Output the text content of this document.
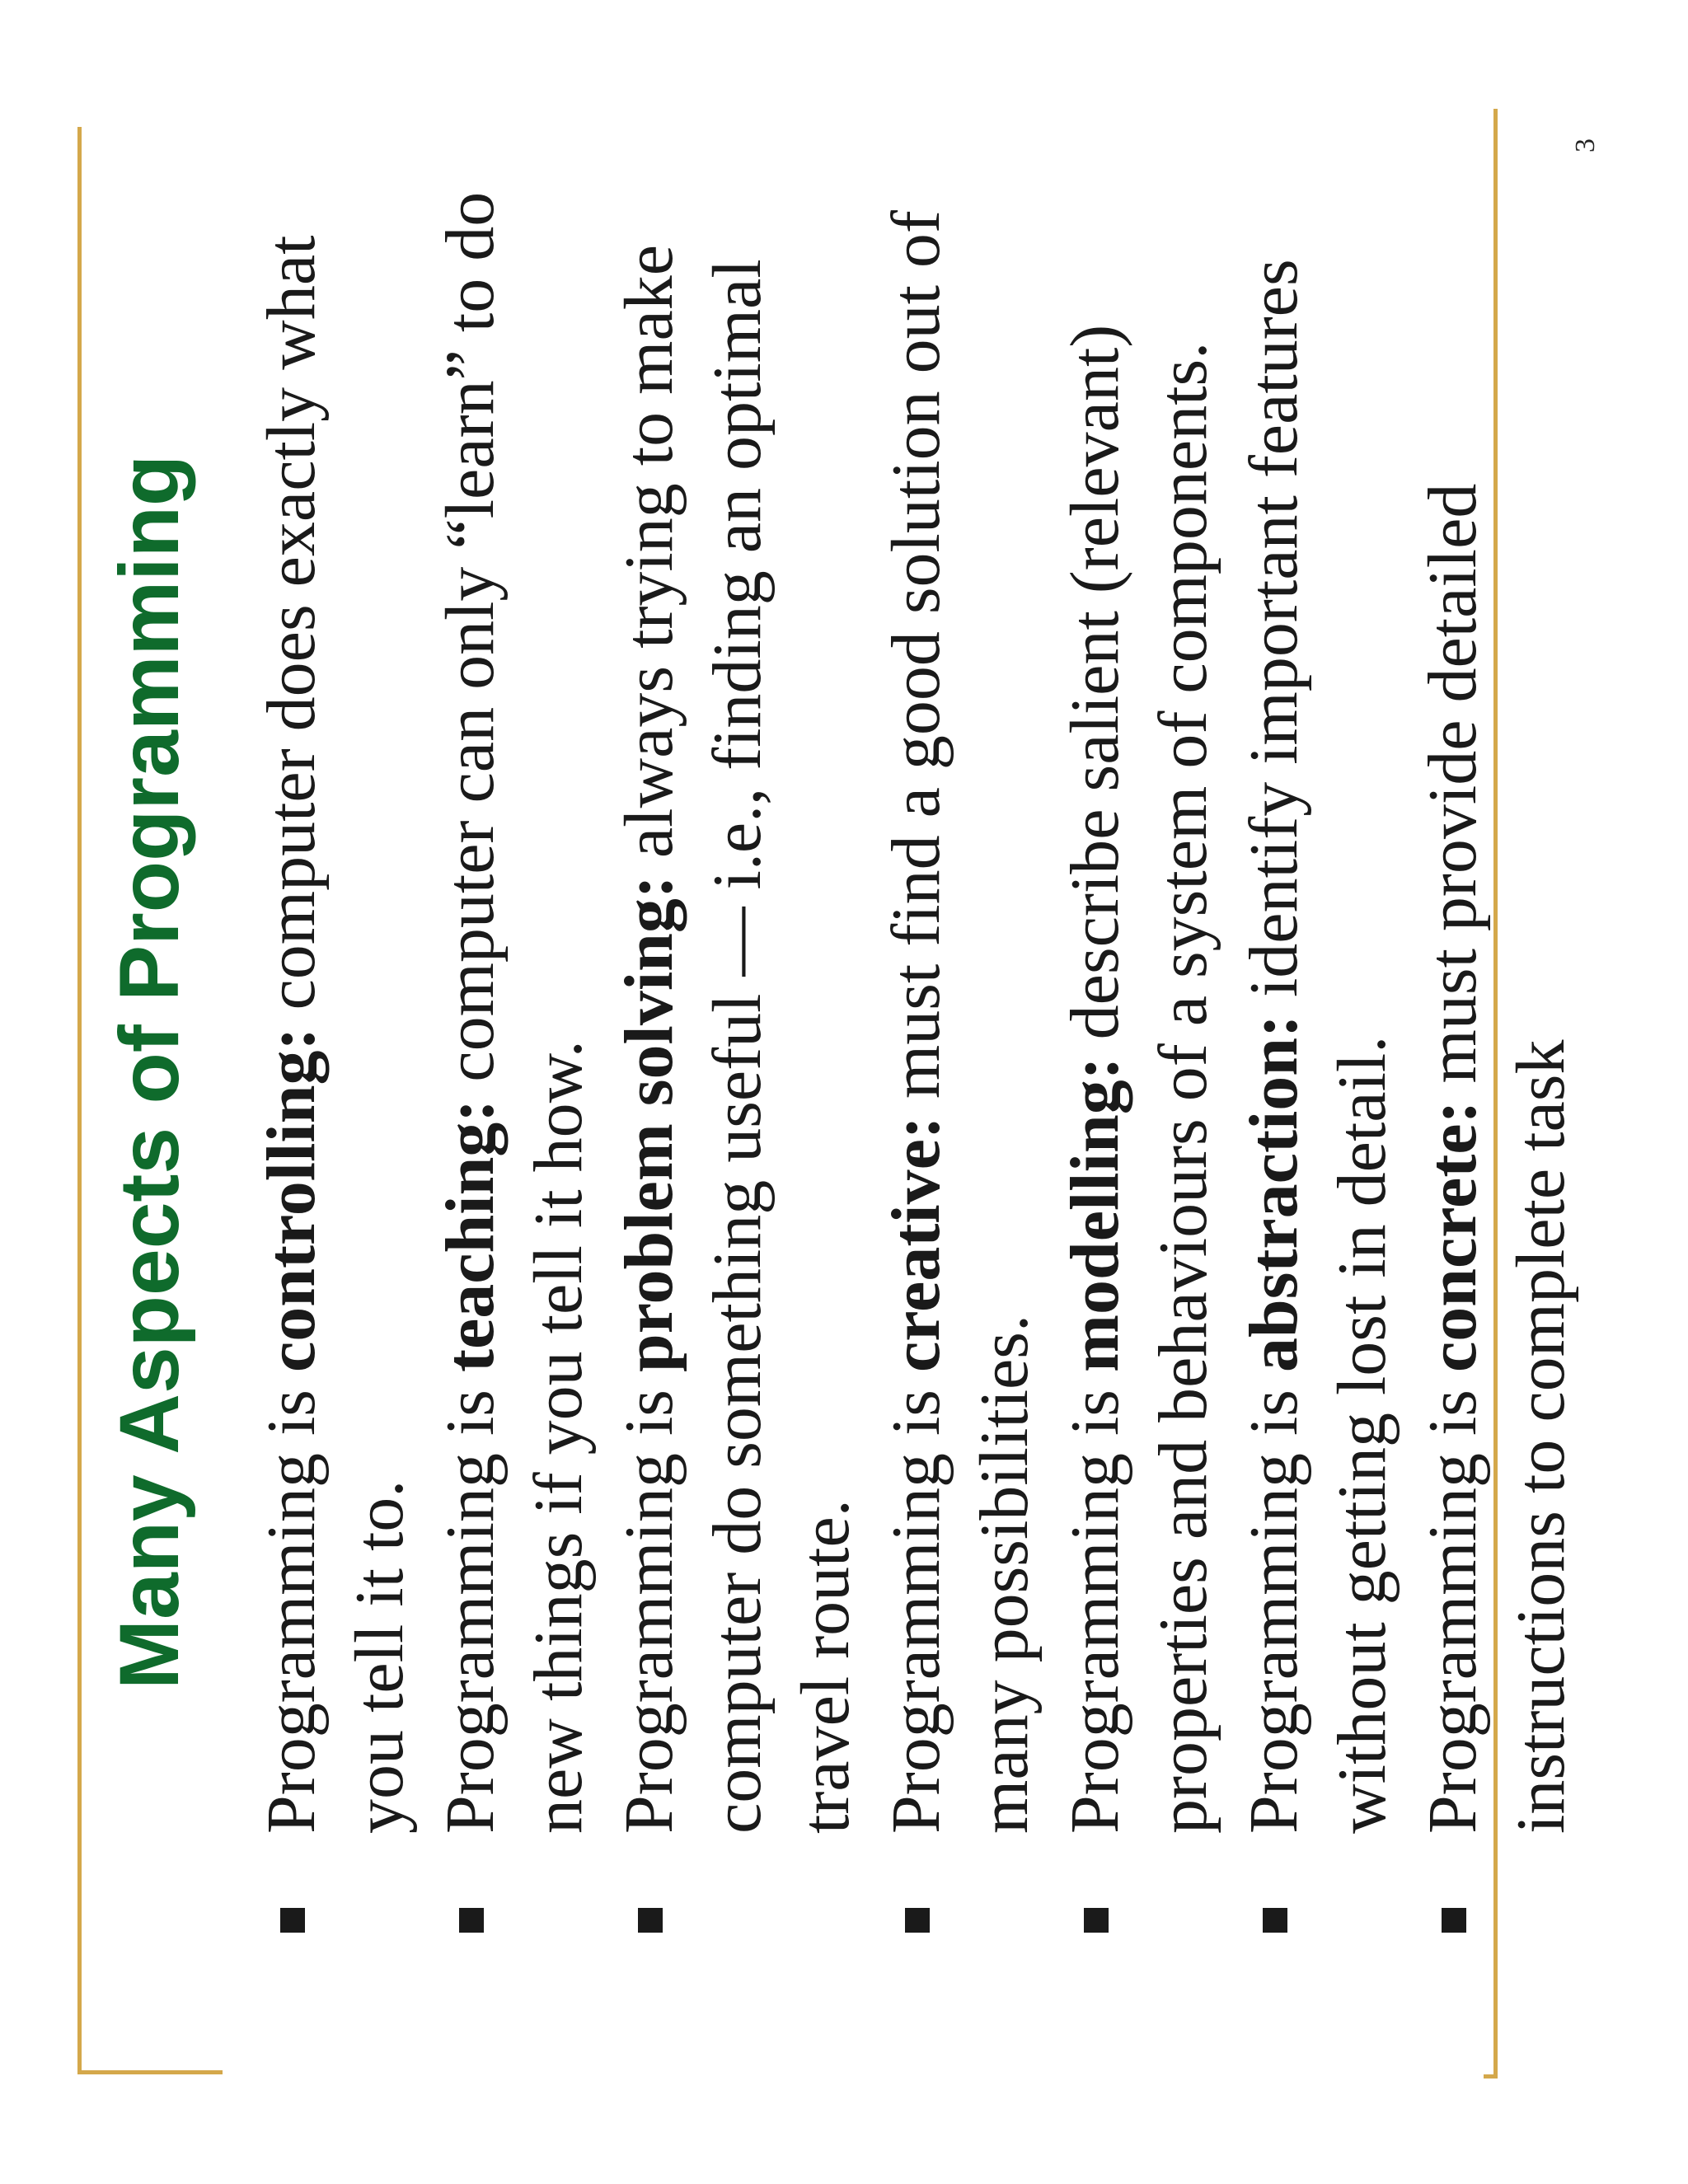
Many Aspects of Programming Programming is controlling: computer does exactly what you tell it to. Programming is teaching: computer can only “learn” to do new things if you tell it how. Programming is problem solving: always trying to make computer do something useful — i.e., finding an optimal travel route. Programming is creative: must find a good solution out of many possibilities. Programming is modelling: describe salient (relevant) properties and behaviours of a system of components. Programming is abstraction: identify important features without getting lost in detail. Programming is concrete: must provide detailed instructions to complete task
3
